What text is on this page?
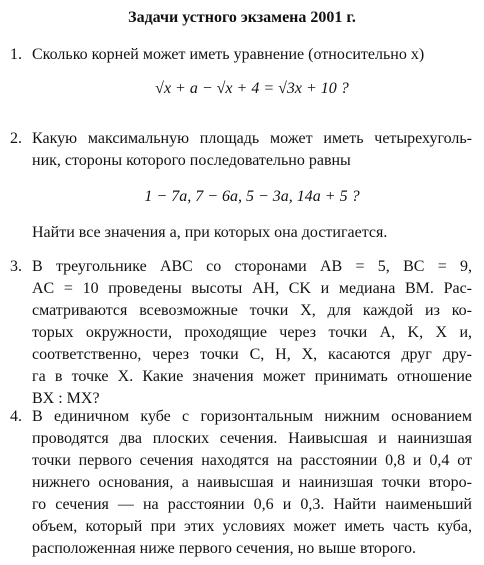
Задачи устного экзамена 2001 г.
1. Сколько корней может иметь уравнение (относительно x)
√x + a − √x + 4 = √3x + 10 ?
2. Какую максимальную площадь может иметь четырехуголь-
ник, стороны которого последовательно равны
1 − 7a, 7 − 6a, 5 − 3a, 14a + 5 ?
Найти все значения a, при которых она достигается.
3. В треугольнике ABC со сторонами AB = 5, BC = 9,
AC = 10 проведены высоты AH, CK и медиана BM. Рас-
сматриваются всевозможные точки X, для каждой из ко-
торых окружности, проходящие через точки A, K, X и,
соответственно, через точки C, H, X, касаются друг дру-
га в точке X. Какие значения может принимать отношение
BX : MX?
4. В единичном кубе с горизонтальным нижним основанием
проводятся два плоских сечения. Наивысшая и наинизшая
точки первого сечения находятся на расстоянии 0,8 и 0,4 от
нижнего основания, а наивысшая и наинизшая точки второ-
го сечения — на расстоянии 0,6 и 0,3. Найти наименьший
объем, который при этих условиях может иметь часть куба,
расположенная ниже первого сечения, но выше второго.
